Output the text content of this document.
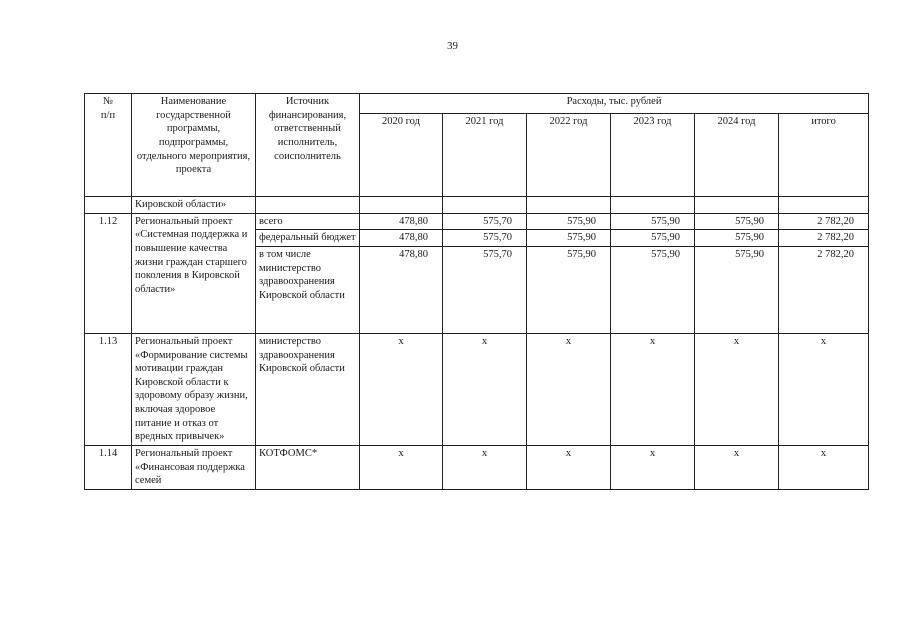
39
№
п/п	Наименование государственной программы, подпрограммы, отдельного мероприятия, проекта	Источник финансирования, ответственный исполнитель, соисполнитель	Расходы, тыс. рублей					
			2020 год	2021 год	2022 год	2023 год	2024 год	итого
	Кировской области»							
1.12	Региональный проект «Системная поддержка и повышение качества жизни граждан старшего поколения в Кировской области»	всего	478,80	575,70	575,90	575,90	575,90	2 782,20
		федеральный бюджет	478,80	575,70	575,90	575,90	575,90	2 782,20
		в том числе министерство здравоохранения Кировской области	478,80	575,70	575,90	575,90	575,90	2 782,20
1.13	Региональный проект «Формирование системы мотивации граждан Кировской области к здоровому образу жизни, включая здоровое питание и отказ от вредных привычек»	министерство здравоохранения Кировской области	х	х	х	х	х	х
1.14	Региональный проект «Финансовая поддержка семей	КОТФОМС*	х	х	х	х	х	х
